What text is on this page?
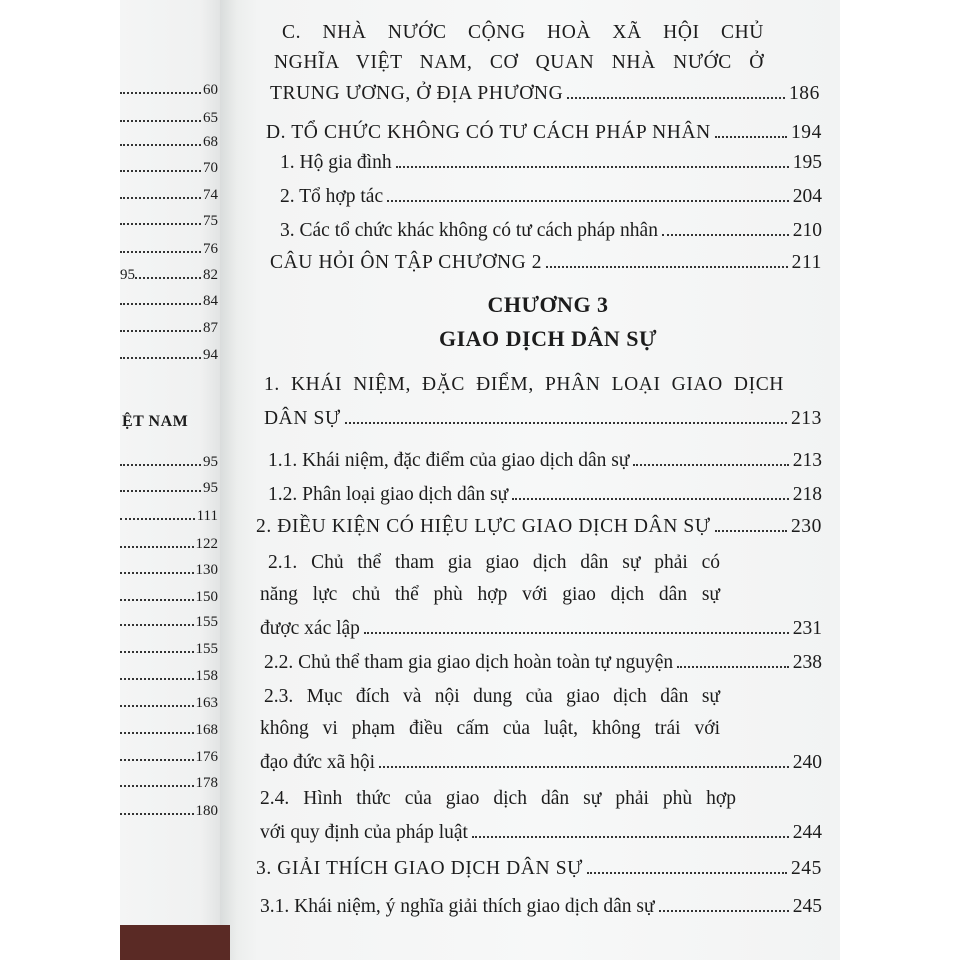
60
65
68
70
74
75
76
95	82
84
87
94
ỆT NAM
95
95
111
122
130
150
155
155
158
163
168
176
178
180
C. NHÀ NƯỚC CỘNG HOÀ XÃ HỘI CHỦ
NGHĨA VIỆT NAM, CƠ QUAN NHÀ NƯỚC Ở
TRUNG ƯƠNG, Ở ĐỊA PHƯƠNG	186
D. TỔ CHỨC KHÔNG CÓ TƯ CÁCH PHÁP NHÂN	194
1. Hộ gia đình	195
2. Tổ hợp tác	204
3. Các tổ chức khác không có tư cách pháp nhân	210
CÂU HỎI ÔN TẬP CHƯƠNG 2	211
CHƯƠNG 3
GIAO DỊCH DÂN SỰ
1. KHÁI NIỆM, ĐẶC ĐIỂM, PHÂN LOẠI GIAO DỊCH
DÂN SỰ	213
1.1. Khái niệm, đặc điểm của giao dịch dân sự	213
1.2. Phân loại giao dịch dân sự	218
2. ĐIỀU KIỆN CÓ HIỆU LỰC GIAO DỊCH DÂN SỰ	230
2.1. Chủ thể tham gia giao dịch dân sự phải có
năng lực chủ thể phù hợp với giao dịch dân sự
được xác lập	231
2.2. Chủ thể tham gia giao dịch hoàn toàn tự nguyện	238
2.3. Mục đích và nội dung của giao dịch dân sự
không vi phạm điều cấm của luật, không trái với
đạo đức xã hội	240
2.4. Hình thức của giao dịch dân sự phải phù hợp
với quy định của pháp luật	244
3. GIẢI THÍCH GIAO DỊCH DÂN SỰ	245
3.1. Khái niệm, ý nghĩa giải thích giao dịch dân sự	245
